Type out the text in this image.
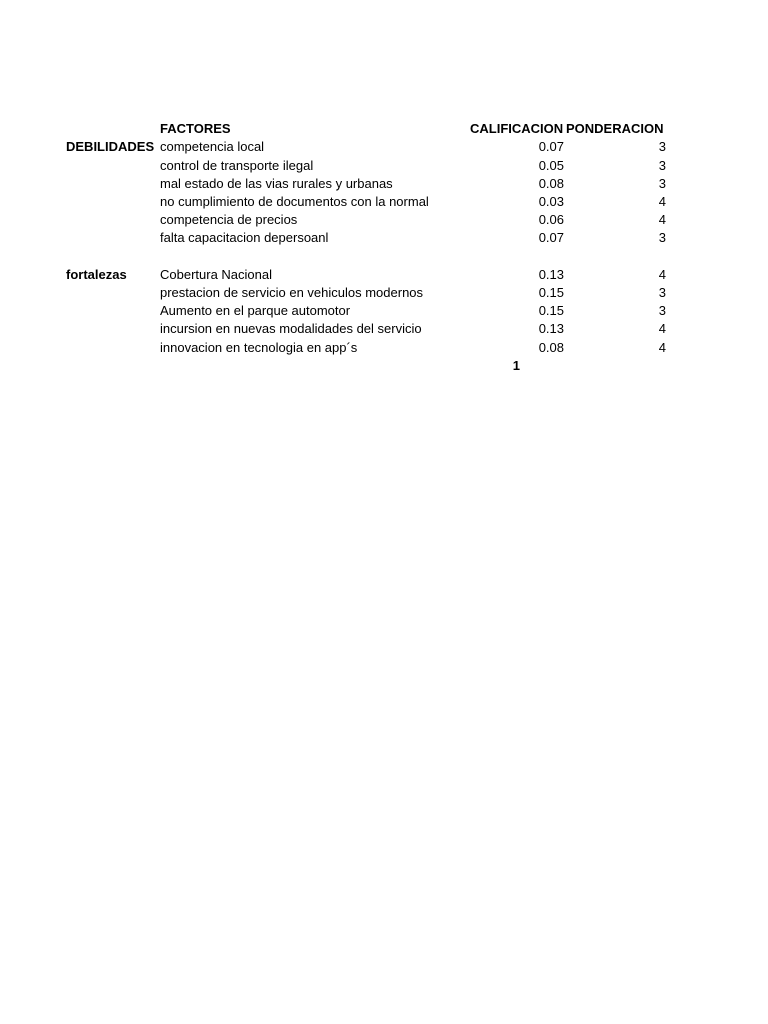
FACTORES	CALIFICACION PONDERACION
DEBILIDADES competencia local	0.07	3
control de transporte ilegal	0.05	3
mal estado de las vias rurales y urbanas	0.08	3
no cumplimiento de documentos con la normal	0.03	4
competencia de precios	0.06	4
falta capacitacion depersoanl	0.07	3
fortalezas	Cobertura Nacional	0.13	4
prestacion de servicio en vehiculos modernos	0.15	3
Aumento en el parque automotor	0.15	3
incursion en nuevas modalidades del servicio	0.13	4
innovacion en tecnologia en app´s	0.08	4
1
